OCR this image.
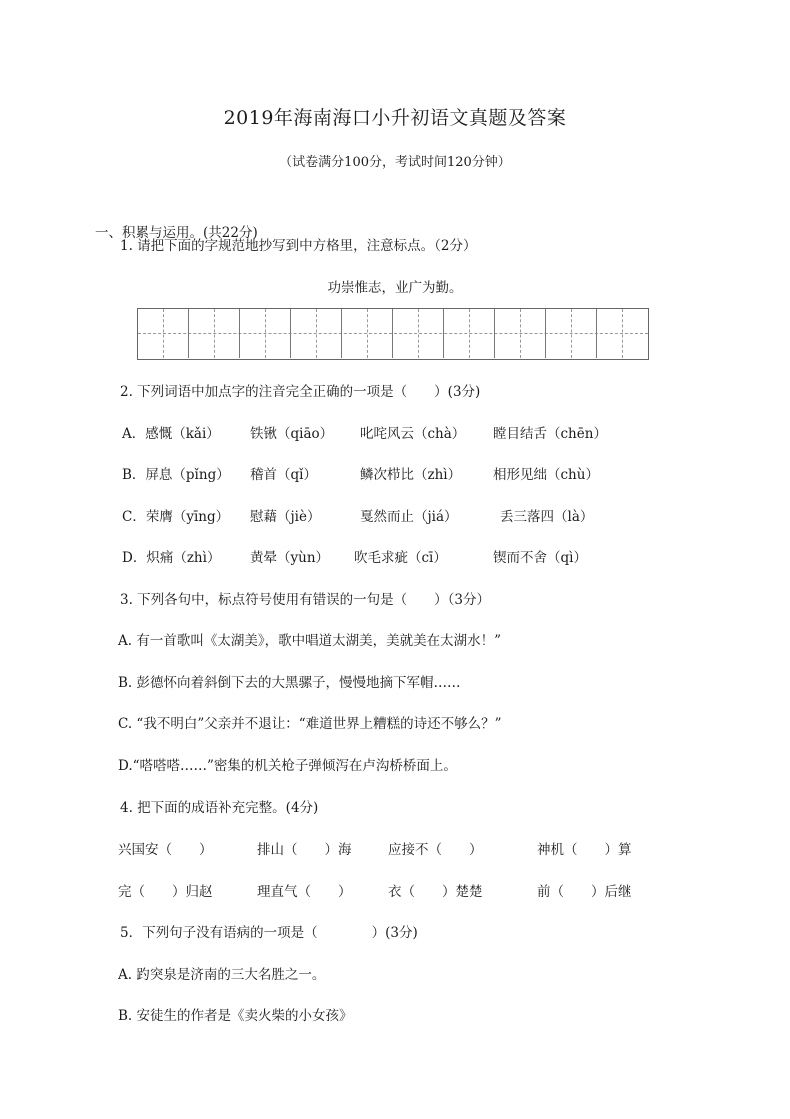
2019年海南海口小升初语文真题及答案
（试卷满分100分，考试时间120分钟）
一、积累与运用。(共22分)
1. 请把下面的字规范地抄写到中方格里，注意标点。（2分）
功崇惟志，业广为勤。
2. 下列词语中加点字的注音完全正确的一项是（　　）(3分)
A．感慨（kǎi） 铁锹（qiāo） 叱咤风云（chà） 瞠目结舌（chēn）
B．屏息（pǐng） 稽首（qǐ）	鳞次栉比（zhì） 相形见绌（chù）
C．荣膺（yīng） 慰藉（jiè）	戛然而止（jiá）	丢三落四（là）
D．炽痛（zhì） 黄晕（yùn） 吹毛求疵（cī）	锲而不舍（qì）
3. 下列各句中，标点符号使用有错误的一句是（　　）（3分）
A. 有一首歌叫《太湖美》，歌中唱道太湖美，美就美在太湖水！”
B. 彭德怀向着斜倒下去的大黑骡子，慢慢地摘下军帽……
C. “我不明白”父亲并不退让：“难道世界上糟糕的诗还不够么？”
D.“嗒嗒嗒……”密集的机关枪子弹倾泻在卢沟桥桥面上。
4. 把下面的成语补充完整。(4分)
兴国安（　　）	排山（　　）海	应接不（　　）	神机（　　）算
完（　　）归赵	理直气（　　）	衣（　　）楚楚	前（　　）后继
5．下列句子没有语病的一项是（　　　　）(3分)
A. 趵突泉是济南的三大名胜之一。
B. 安徒生的作者是《卖火柴的小女孩》
